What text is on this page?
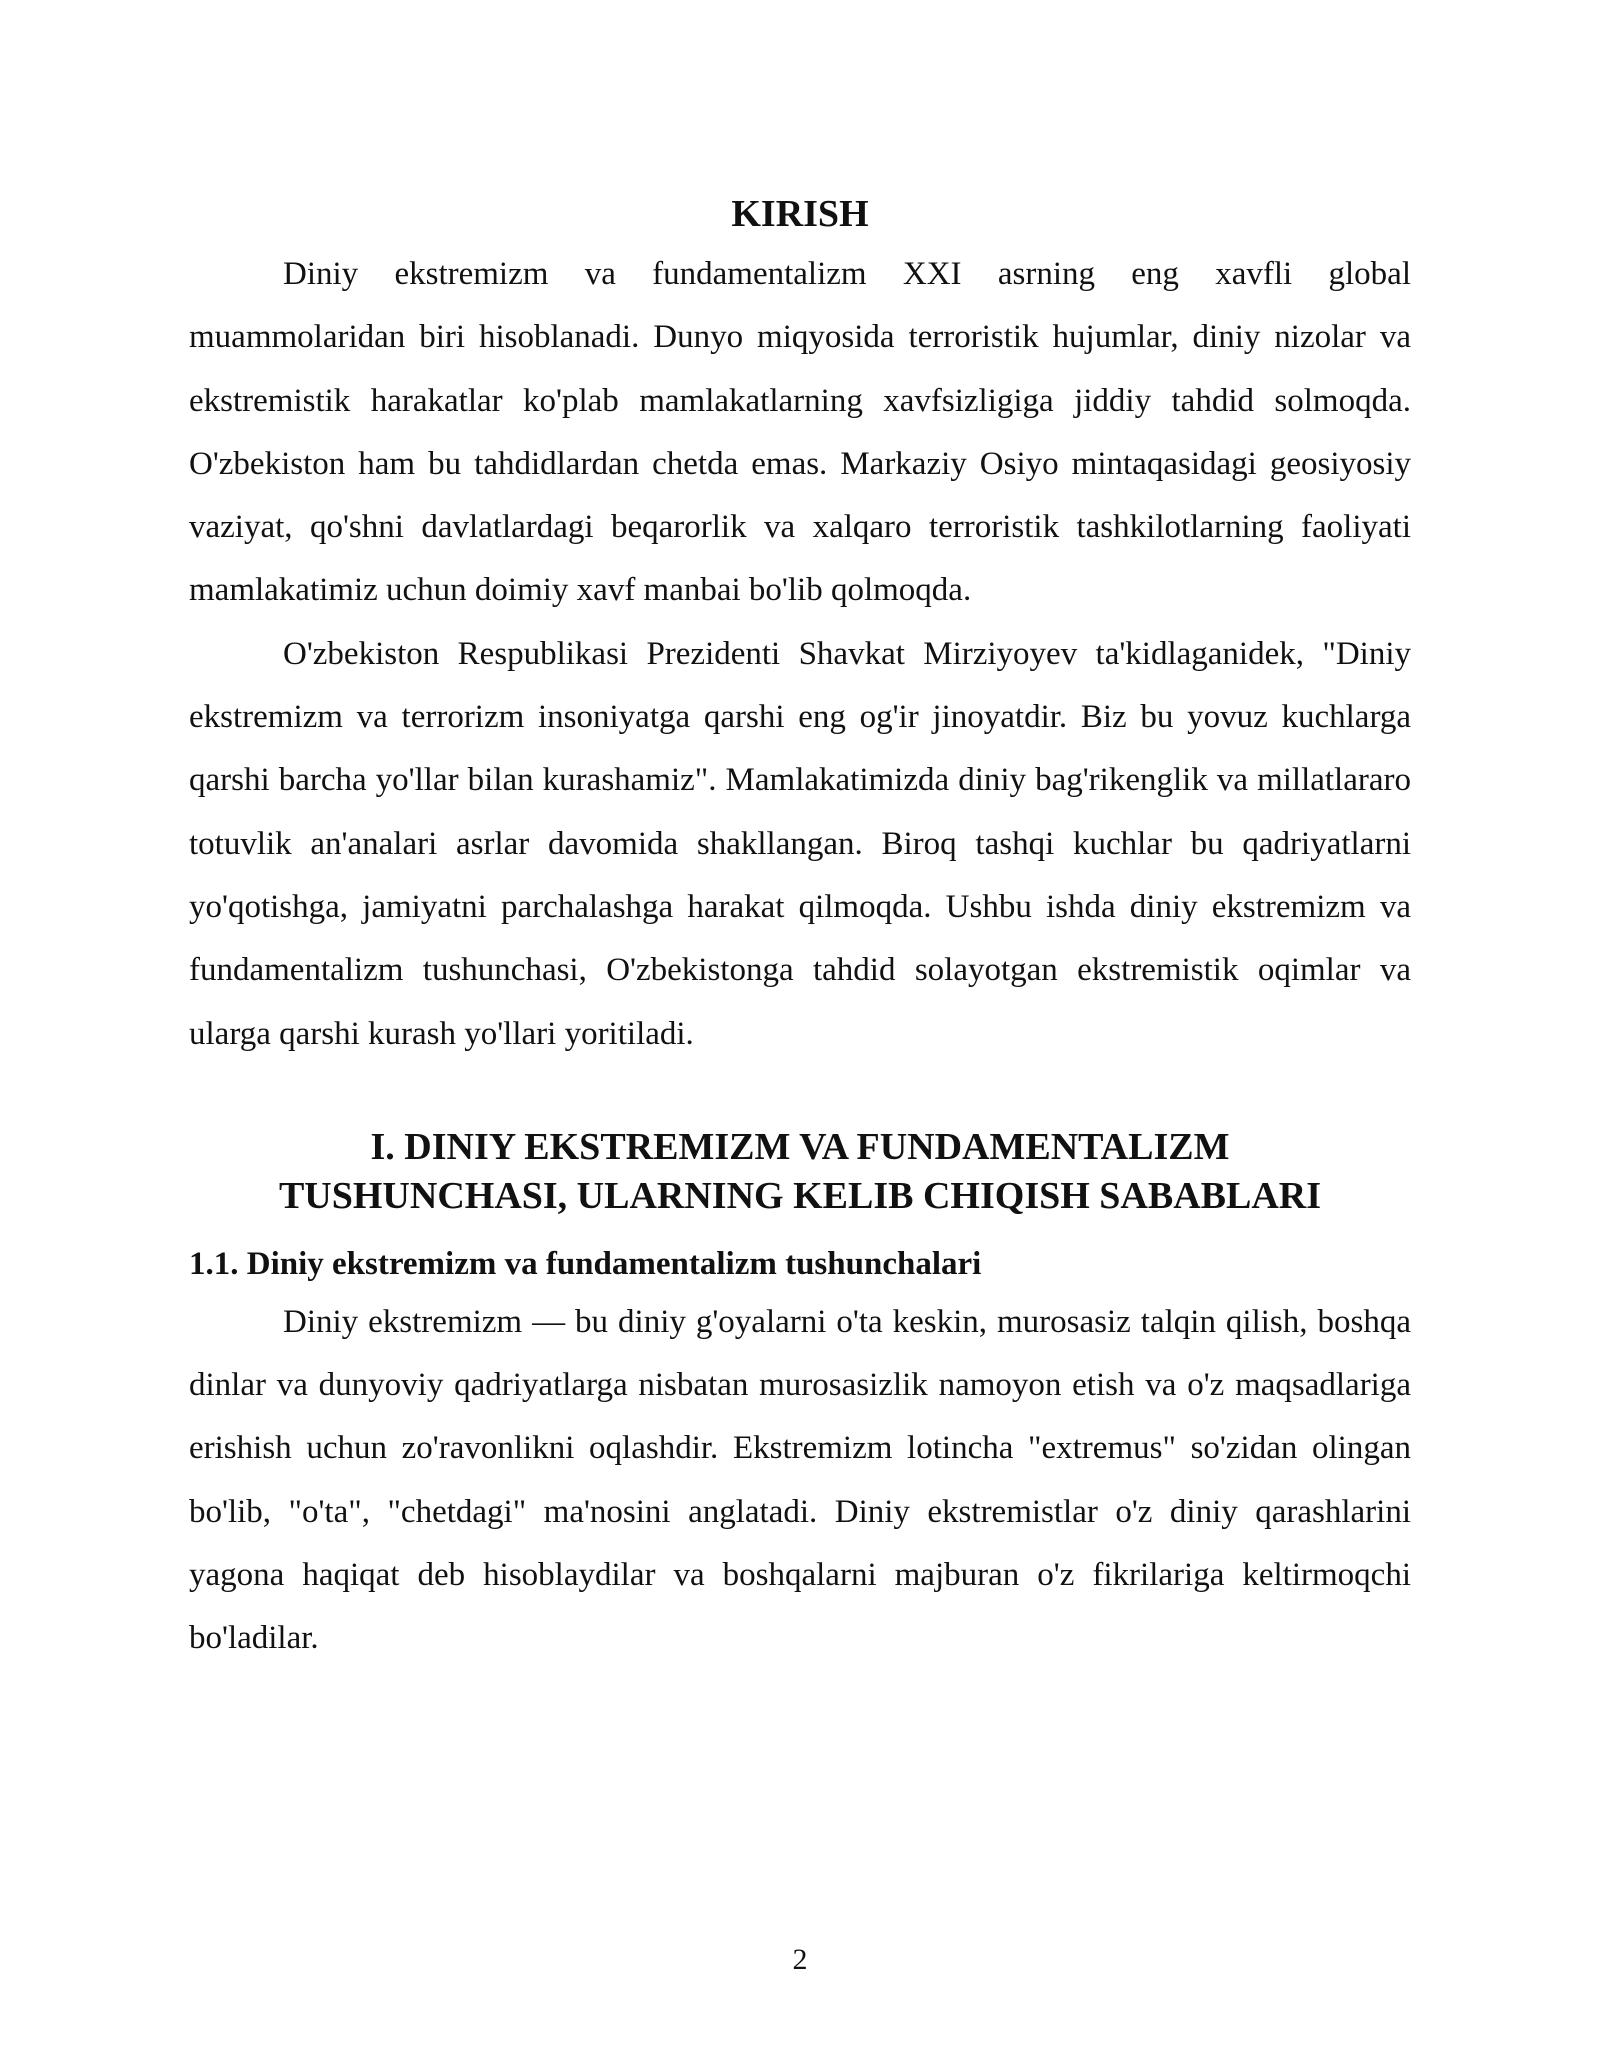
KIRISH

Diniy ekstremizm va fundamentalizm XXI asrning eng xavfli global muammolaridan biri hisoblanadi. Dunyo miqyosida terroristik hujumlar, diniy nizolar va ekstremistik harakatlar ko'plab mamlakatlarning xavfsizligiga jiddiy tahdid solmoqda. O'zbekiston ham bu tahdidlardan chetda emas. Markaziy Osiyo mintaqasidagi geosiyosiy vaziyat, qo'shni davlatlardagi beqarorlik va xalqaro terroristik tashkilotlarning faoliyati mamlakatimiz uchun doimiy xavf manbai bo'lib qolmoqda.

O'zbekiston Respublikasi Prezidenti Shavkat Mirziyoyev ta'kidlaganidek, "Diniy ekstremizm va terrorizm insoniyatga qarshi eng og'ir jinoyatdir. Biz bu yovuz kuchlarga qarshi barcha yo'llar bilan kurashamiz". Mamlakatimizda diniy bag'rikenglik va millatlararo totuvlik an'analari asrlar davomida shakllangan. Biroq tashqi kuchlar bu qadriyatlarni yo'qotishga, jamiyatni parchalashga harakat qilmoqda. Ushbu ishda diniy ekstremizm va fundamentalizm tushunchasi, O'zbekistonga tahdid solayotgan ekstremistik oqimlar va ularga qarshi kurash yo'llari yoritiladi.

I. DINIY EKSTREMIZM VA FUNDAMENTALIZM
TUSHUNCHASI, ULARNING KELIB CHIQISH SABABLARI
1.1. Diniy ekstremizm va fundamentalizm tushunchalari

Diniy ekstremizm — bu diniy g'oyalarni o'ta keskin, murosasiz talqin qilish, boshqa dinlar va dunyoviy qadriyatlarga nisbatan murosasizlik namoyon etish va o'z maqsadlariga erishish uchun zo'ravonlikni oqlashdir. Ekstremizm lotincha "extremus" so'zidan olingan bo'lib, "o'ta", "chetdagi" ma'nosini anglatadi. Diniy ekstremistlar o'z diniy qarashlarini yagona haqiqat deb hisoblaydilar va boshqalarni majburan o'z fikrilariga keltirmoqchi bo'ladilar.

2
